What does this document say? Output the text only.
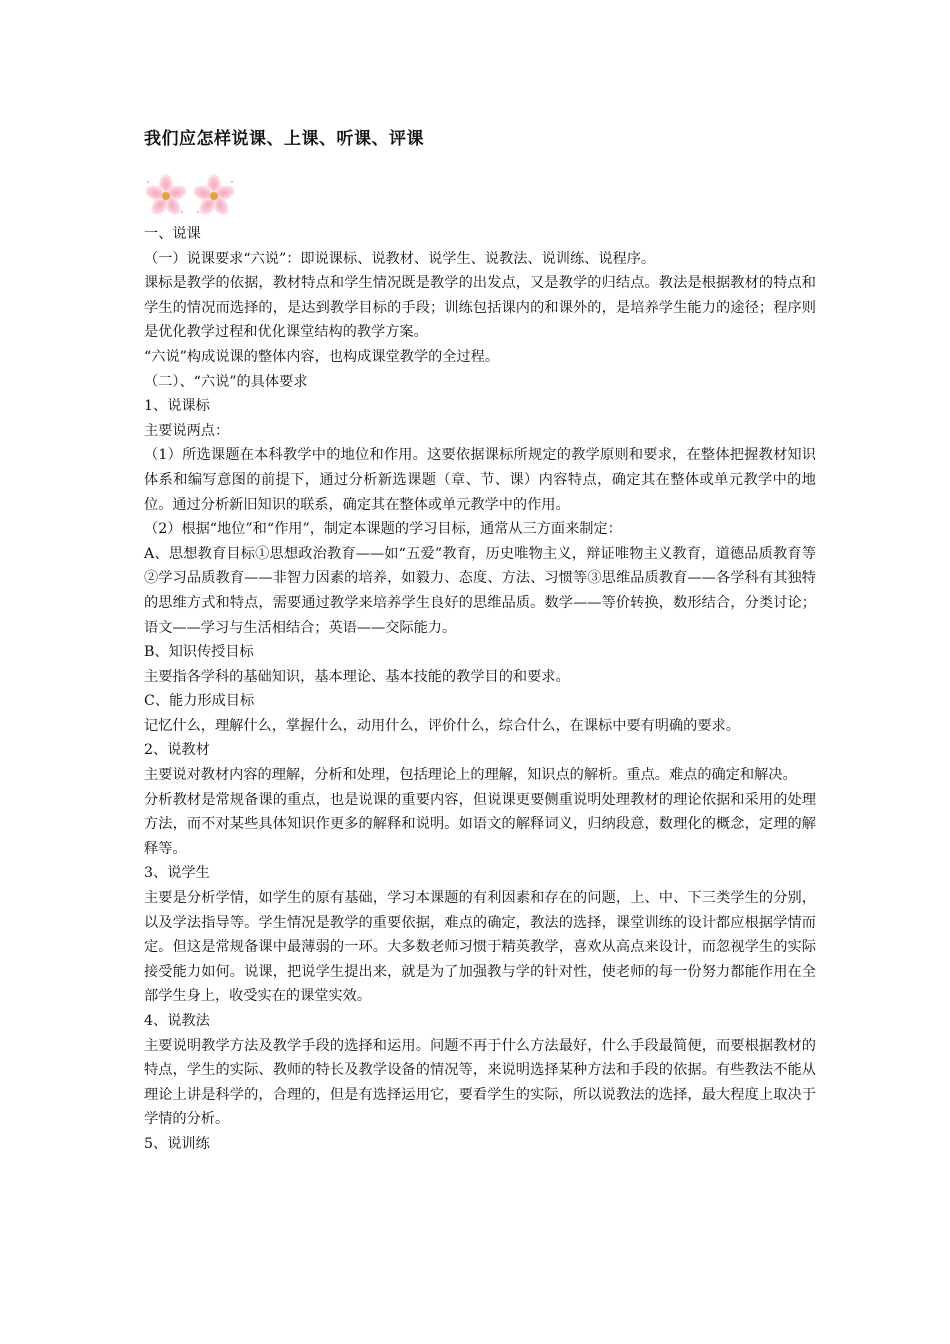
我们应怎样说课、上课、听课、评课

一、说课

（一）说课要求“六说”：即说课标、说教材、说学生、说教法、说训练、说程序。

课标是教学的依据，教材特点和学生情况既是教学的出发点，又是教学的归结点。教法是根据教材的特点和学生的情况而选择的，是达到教学目标的手段；训练包括课内的和课外的，是培养学生能力的途径；程序则是优化教学过程和优化课堂结构的教学方案。

“六说”构成说课的整体内容，也构成课堂教学的全过程。

（二）、“六说”的具体要求

1、说课标

主要说两点：

（1）所选课题在本科教学中的地位和作用。这要依据课标所规定的教学原则和要求，在整体把握教材知识体系和编写意图的前提下，通过分析新选课题（章、节、课）内容特点，确定其在整体或单元教学中的地位。通过分析新旧知识的联系，确定其在整体或单元教学中的作用。

（2）根据“地位”和“作用”，制定本课题的学习目标，通常从三方面来制定：

A、思想教育目标①思想政治教育——如“五爱”教育，历史唯物主义，辩证唯物主义教育，道德品质教育等②学习品质教育——非智力因素的培养，如毅力、态度、方法、习惯等③思维品质教育——各学科有其独特的思维方式和特点，需要通过教学来培养学生良好的思维品质。数学——等价转换，数形结合，分类讨论；语文——学习与生活相结合；英语——交际能力。

B、知识传授目标

主要指各学科的基础知识，基本理论、基本技能的教学目的和要求。

C、能力形成目标

记忆什么，理解什么，掌握什么，动用什么，评价什么，综合什么，在课标中要有明确的要求。

2、说教材

主要说对教材内容的理解，分析和处理，包括理论上的理解，知识点的解析。重点。难点的确定和解决。

分析教材是常规备课的重点，也是说课的重要内容，但说课更要侧重说明处理教材的理论依据和采用的处理方法，而不对某些具体知识作更多的解释和说明。如语文的解释词义，归纳段意，数理化的概念，定理的解释等。

3、说学生

主要是分析学情，如学生的原有基础，学习本课题的有利因素和存在的问题，上、中、下三类学生的分别，以及学法指导等。学生情况是教学的重要依据，难点的确定，教法的选择，课堂训练的设计都应根据学情而定。但这是常规备课中最薄弱的一环。大多数老师习惯于精英教学，喜欢从高点来设计，而忽视学生的实际接受能力如何。说课，把说学生提出来，就是为了加强教与学的针对性，使老师的每一份努力都能作用在全部学生身上，收受实在的课堂实效。

4、说教法

主要说明教学方法及教学手段的选择和运用。问题不再于什么方法最好，什么手段最简便，而要根据教材的特点，学生的实际、教师的特长及教学设备的情况等，来说明选择某种方法和手段的依据。有些教法不能从理论上讲是科学的，合理的，但是有选择运用它，要看学生的实际，所以说教法的选择，最大程度上取决于学情的分析。

5、说训练
